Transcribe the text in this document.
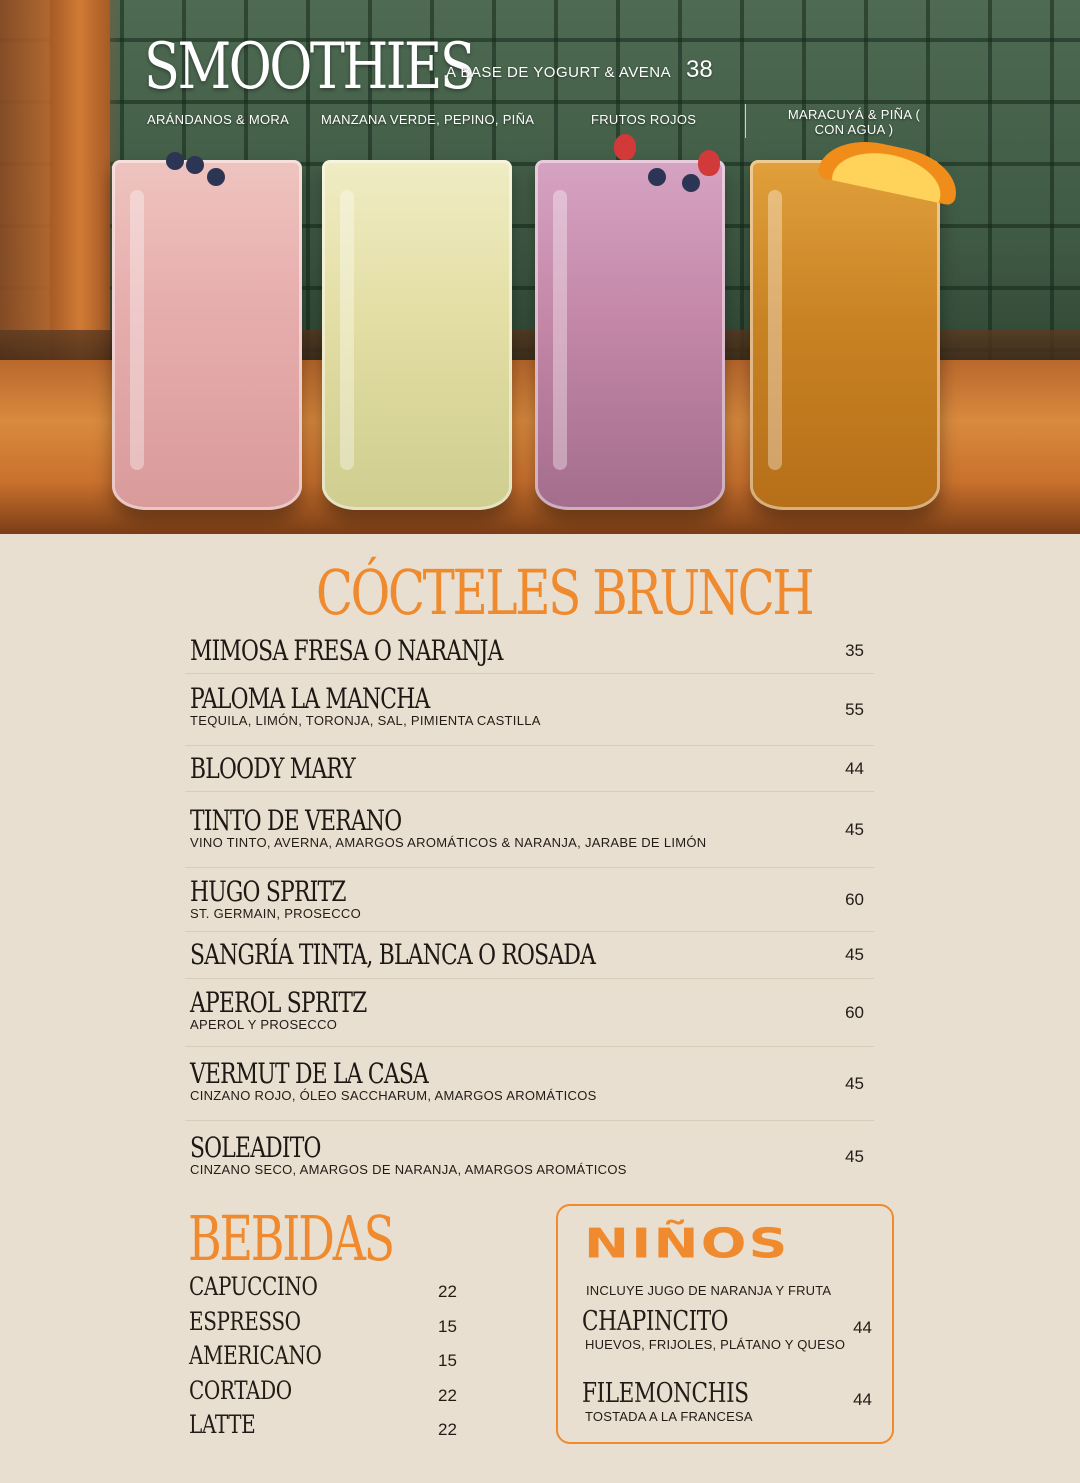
SMOOTHIES
A BASE DE YOGURT & AVENA 38
ARÁNDANOS & MORA MANZANA VERDE, PEPINO, PIÑA	FRUTOS ROJOS	MARACUYÁ & PIÑA ( CON AGUA )
CÓCTELES BRUNCH
MIMOSA FRESA O NARANJA	35
PALOMA LA MANCHA
TEQUILA, LIMÓN, TORONJA, SAL, PIMIENTA CASTILLA
55
BLOODY MARY	44
TINTO DE VERANO
VINO TINTO, AVERNA, AMARGOS AROMÁTICOS & NARANJA, JARABE DE LIMÓN
45
HUGO SPRITZ
ST. GERMAIN, PROSECCO
60
SANGRÍA TINTA, BLANCA O ROSADA	45
APEROL SPRITZ
APEROL Y PROSECCO
60
VERMUT DE LA CASA
CINZANO ROJO, ÓLEO SACCHARUM, AMARGOS AROMÁTICOS
45
SOLEADITO
CINZANO SECO, AMARGOS DE NARANJA, AMARGOS AROMÁTICOS
45
BEBIDAS
CAPUCCINO	22
ESPRESSO	15
AMERICANO	15
CORTADO	22
LATTE	22
NIÑOS
INCLUYE JUGO DE NARANJA Y FRUTA
CHAPINCITO
HUEVOS, FRIJOLES, PLÁTANO Y QUESO
44
FILEMONCHIS
TOSTADA A LA FRANCESA
44
